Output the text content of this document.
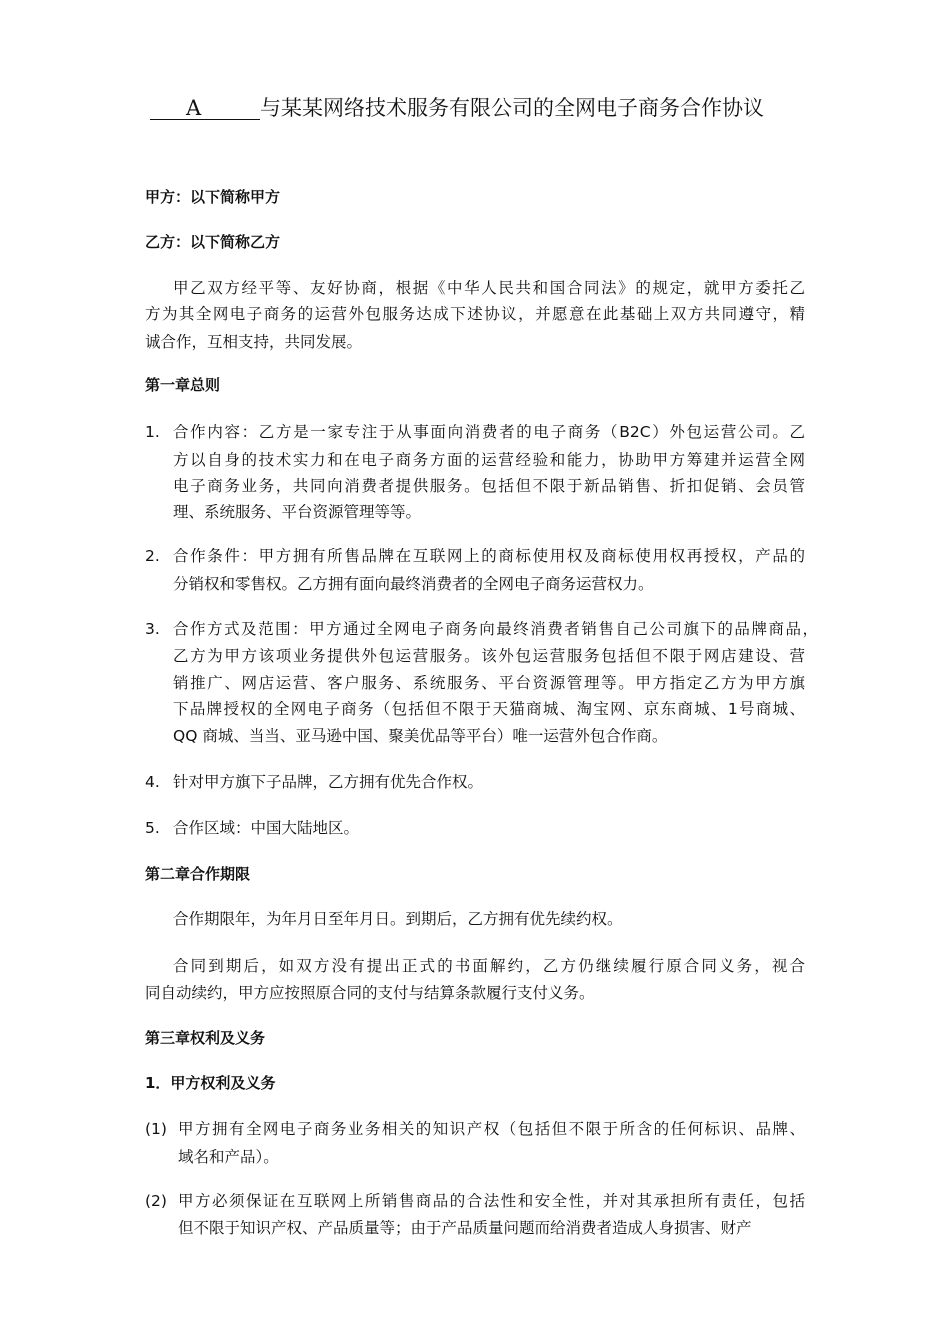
A	与某某网络技术服务有限公司的全网电子商务合作协议
甲方：以下简称甲方
乙方：以下简称乙方
甲乙双方经平等、友好协商，根据《中华人民共和国合同法》的规定，就甲方委托乙
方为其全网电子商务的运营外包服务达成下述协议，并愿意在此基础上双方共同遵守，精
诚合作，互相支持，共同发展。
第一章总则
1. 合作内容：乙方是一家专注于从事面向消费者的电子商务（B2C）外包运营公司。乙
方以自身的技术实力和在电子商务方面的运营经验和能力，协助甲方筹建并运营全网
电子商务业务，共同向消费者提供服务。包括但不限于新品销售、折扣促销、会员管
理、系统服务、平台资源管理等等。
2. 合作条件：甲方拥有所售品牌在互联网上的商标使用权及商标使用权再授权，产品的
分销权和零售权。乙方拥有面向最终消费者的全网电子商务运营权力。
3. 合作方式及范围：甲方通过全网电子商务向最终消费者销售自己公司旗下的品牌商品，
乙方为甲方该项业务提供外包运营服务。该外包运营服务包括但不限于网店建设、营
销推广、网店运营、客户服务、系统服务、平台资源管理等。甲方指定乙方为甲方旗
下品牌授权的全网电子商务（包括但不限于天猫商城、淘宝网、京东商城、1号商城、
QQ 商城、当当、亚马逊中国、聚美优品等平台）唯一运营外包合作商。
4. 针对甲方旗下子品牌，乙方拥有优先合作权。
5. 合作区域：中国大陆地区。
第二章合作期限
合作期限年，为年月日至年月日。到期后，乙方拥有优先续约权。
合同到期后，如双方没有提出正式的书面解约，乙方仍继续履行原合同义务，视合
同自动续约，甲方应按照原合同的支付与结算条款履行支付义务。
第三章权利及义务
1．甲方权利及义务
(1) 甲方拥有全网电子商务业务相关的知识产权（包括但不限于所含的任何标识、品牌、
域名和产品）。
(2) 甲方必须保证在互联网上所销售商品的合法性和安全性，并对其承担所有责任，包括
但不限于知识产权、产品质量等；由于产品质量问题而给消费者造成人身损害、财产
